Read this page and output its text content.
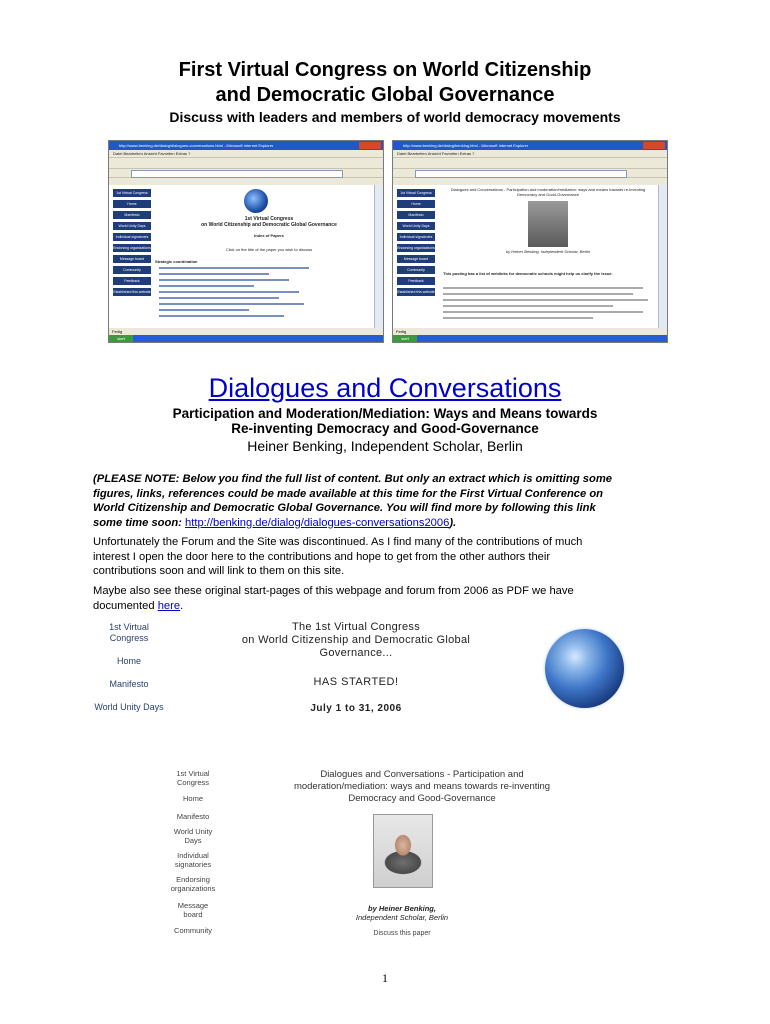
First Virtual Congress on World Citizenship
and Democratic Global Governance
Discuss with leaders and members of world democracy movements
http://www.benking.de/dialog/dialogues-conversations.html - Microsoft Internet Explorer
Datei Bearbeiten Ansicht Favoriten Extras ?
1st Virtual Congress
Home
Manifesto
World Unity Days
Individual signatories
Endorsing organizations
Message board
Community
Feedback
Established this website
1st Virtual Congress
on World Citizenship and Democratic Global Governance
Index of Papers
Click on the title of the paper you wish to discuss
Strategic coordination
Fertig
start
http://www.benking.de/dialog/benking.html - Microsoft Internet Explorer
Datei Bearbeiten Ansicht Favoriten Extras ?
1st Virtual Congress
Home
Manifesto
World Unity Days
Individual signatories
Endorsing organizations
Message board
Community
Feedback
Established this website
Dialogues and Conversations - Participation and moderation/mediation: ways and means towards re-inventing Democracy and Good-Governance
by Heiner Benking, Independent Scholar, Berlin
This posting has a list of weblinks for democratic schools might help us clarify the issue.
Fertig
start
Dialogues and Conversations
Participation and Moderation/Mediation: Ways and Means towards
Re-inventing Democracy and Good-Governance
Heiner Benking, Independent Scholar, Berlin
(PLEASE NOTE: Below you find the full list of content. But only an extract which is omitting some figures, links, references could be made available at this time for the First Virtual Conference on World Citizenship and Democratic Global Governance. You will find more by following this link some time soon: http://benking.de/dialog/dialogues-conversations2006).
Unfortunately the Forum and the Site was discontinued. As I find many of the contributions of much interest I open the door here to the contributions and hope to get from the other authors their contributions soon and will link to them on this site.
Maybe also see these original start-pages of this webpage and forum from 2006 as PDF we have documented here.
1st Virtual Congress
Home
Manifesto
World Unity Days
The 1st Virtual Congress
on World Citizenship and Democratic Global
Governance...
HAS STARTED!
July 1 to 31, 2006
1st Virtual Congress
Home
Manifesto
World Unity Days
Individual signatories
Endorsing organizations
Message board
Community
Dialogues and Conversations - Participation and
moderation/mediation: ways and means towards re-inventing
Democracy and Good-Governance
by Heiner Benking,
Independent Scholar, Berlin
Discuss this paper
1
